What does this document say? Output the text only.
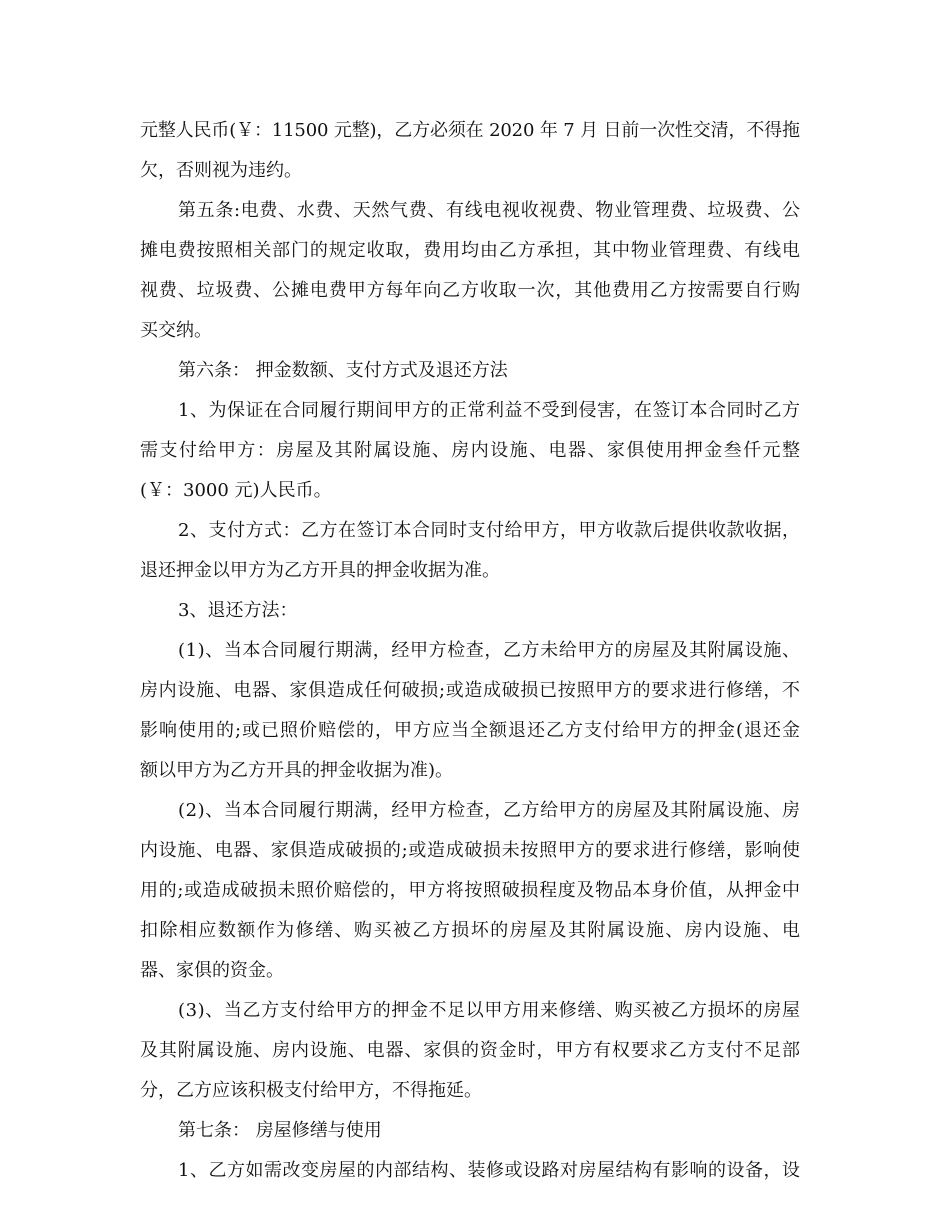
元整人民币(￥：11500 元整)，乙方必须在 2020 年 7 月 日前一次性交清，不得拖
欠，否则视为违约。
第五条:电费、水费、天然气费、有线电视收视费、物业管理费、垃圾费、公
摊电费按照相关部门的规定收取，费用均由乙方承担，其中物业管理费、有线电
视费、垃圾费、公摊电费甲方每年向乙方收取一次，其他费用乙方按需要自行购
买交纳。
第六条： 押金数额、支付方式及退还方法
1、为保证在合同履行期间甲方的正常利益不受到侵害，在签订本合同时乙方
需支付给甲方：房屋及其附属设施、房内设施、电器、家俱使用押金叁仟元整
(￥：3000 元)人民币。
2、支付方式：乙方在签订本合同时支付给甲方，甲方收款后提供收款收据，
退还押金以甲方为乙方开具的押金收据为准。
3、退还方法：
(1)、当本合同履行期满，经甲方检查，乙方未给甲方的房屋及其附属设施、
房内设施、电器、家俱造成任何破损;或造成破损已按照甲方的要求进行修缮，不
影响使用的;或已照价赔偿的，甲方应当全额退还乙方支付给甲方的押金(退还金
额以甲方为乙方开具的押金收据为准)。
(2)、当本合同履行期满，经甲方检查，乙方给甲方的房屋及其附属设施、房
内设施、电器、家俱造成破损的;或造成破损未按照甲方的要求进行修缮，影响使
用的;或造成破损未照价赔偿的，甲方将按照破损程度及物品本身价值，从押金中
扣除相应数额作为修缮、购买被乙方损坏的房屋及其附属设施、房内设施、电
器、家俱的资金。
(3)、当乙方支付给甲方的押金不足以甲方用来修缮、购买被乙方损坏的房屋
及其附属设施、房内设施、电器、家俱的资金时，甲方有权要求乙方支付不足部
分，乙方应该积极支付给甲方，不得拖延。
第七条： 房屋修缮与使用
1、乙方如需改变房屋的内部结构、装修或设路对房屋结构有影响的设备，设
